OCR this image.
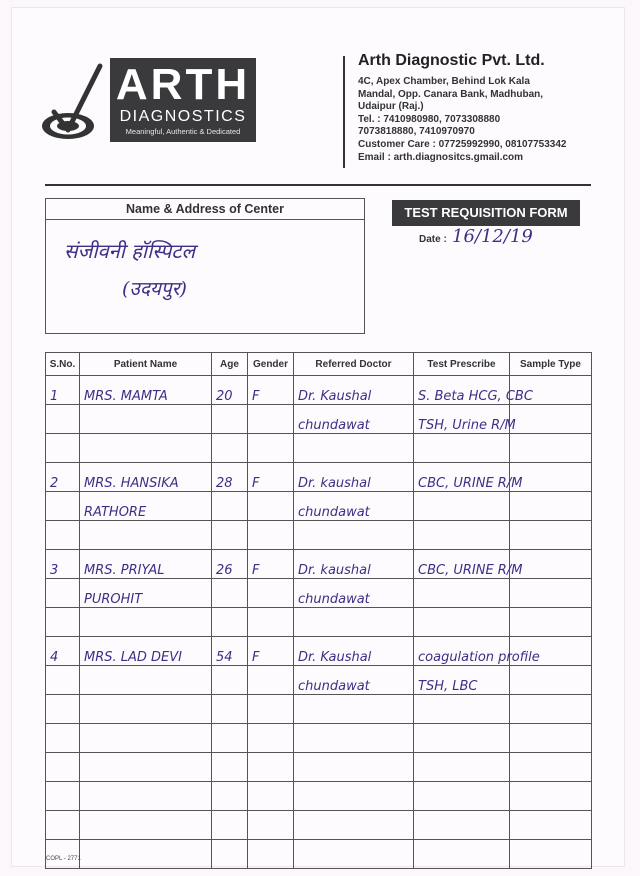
ARTH
DIAGNOSTICS
Meaningful, Authentic & Dedicated
Arth Diagnostic Pvt. Ltd.
4C, Apex Chamber, Behind Lok Kala
Mandal, Opp. Canara Bank, Madhuban,
Udaipur (Raj.)
Tel. : 7410980980, 7073308880
7073818880, 7410970970
Customer Care : 07725992990, 08107753342
Email : arth.diagnositcs.gmail.com
Name & Address of Center
संजीवनी हॉस्पिटल
(उदयपुर)
TEST REQUISITION FORM
Date : 16/12/19
S.No.	Patient Name	Age	Gender	Referred Doctor	Test Prescribe	Sample Type
1	MRS. MAMTA	20	F	Dr. Kaushal	S. Beta HCG, CBC	
				chundawat	TSH, Urine R/M	

2	MRS. HANSIKA	28	F	Dr. kaushal	CBC, URINE R/M	
	RATHORE			chundawat		

3	MRS. PRIYAL	26	F	Dr. kaushal	CBC, URINE R/M	
	PUROHIT			chundawat		

4	MRS. LAD DEVI	54	F	Dr. Kaushal	coagulation profile	
				chundawat	TSH, LBC	

COPL - 2771
